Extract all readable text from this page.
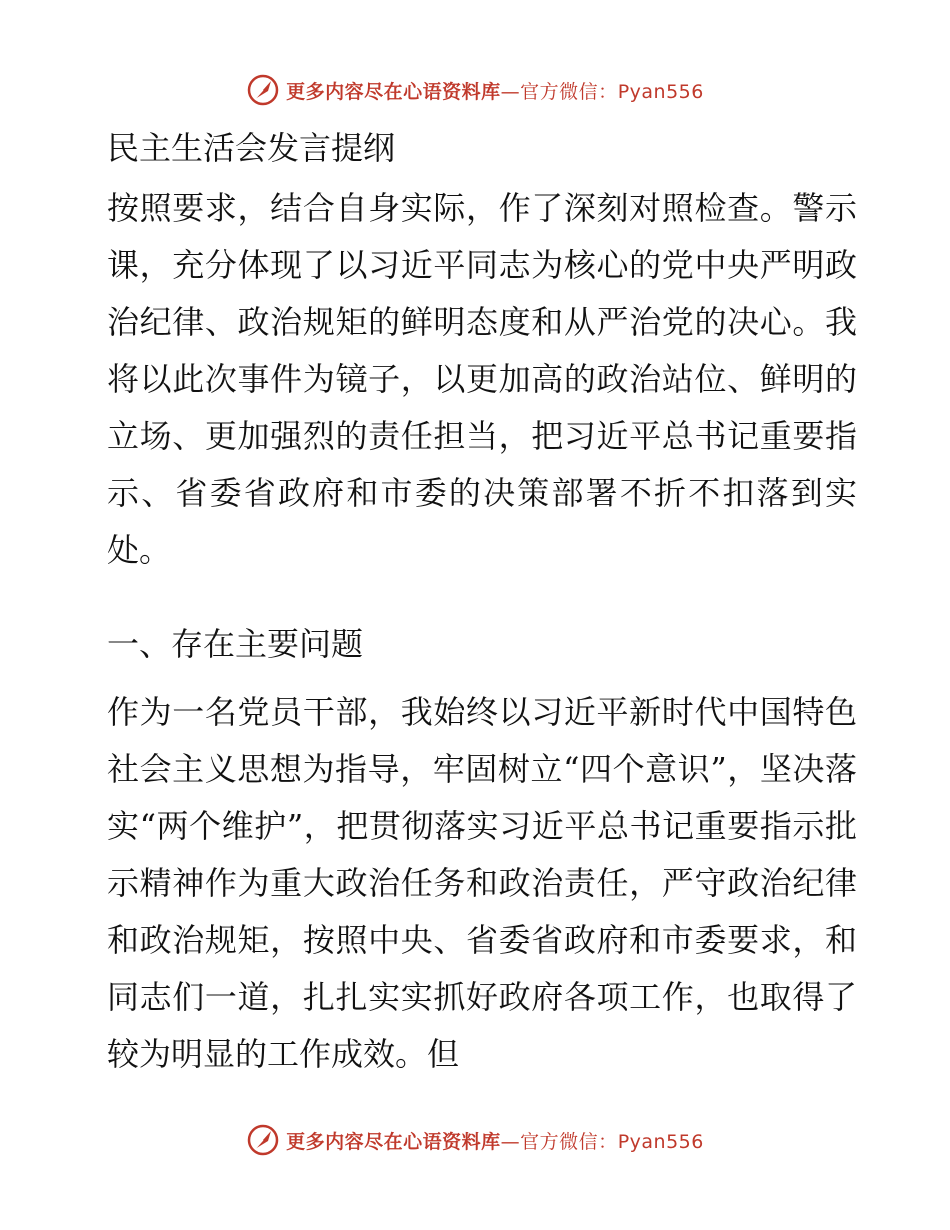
更多内容尽在心语资料库—官方微信：Pyan556
民主生活会发言提纲

按照要求，结合自身实际，作了深刻对照检查。警示课，充分体现了以习近平同志为核心的党中央严明政治纪律、政治规矩的鲜明态度和从严治党的决心。我将以此次事件为镜子，以更加高的政治站位、鲜明的立场、更加强烈的责任担当，把习近平总书记重要指示、省委省政府和市委的决策部署不折不扣落到实处。

一、存在主要问题

作为一名党员干部，我始终以习近平新时代中国特色社会主义思想为指导，牢固树立“四个意识”，坚决落实“两个维护”，把贯彻落实习近平总书记重要指示批示精神作为重大政治任务和政治责任，严守政治纪律和政治规矩，按照中央、省委省政府和市委要求，和同志们一道，扎扎实实抓好政府各项工作，也取得了较为明显的工作成效。但

更多内容尽在心语资料库—官方微信：Pyan556
